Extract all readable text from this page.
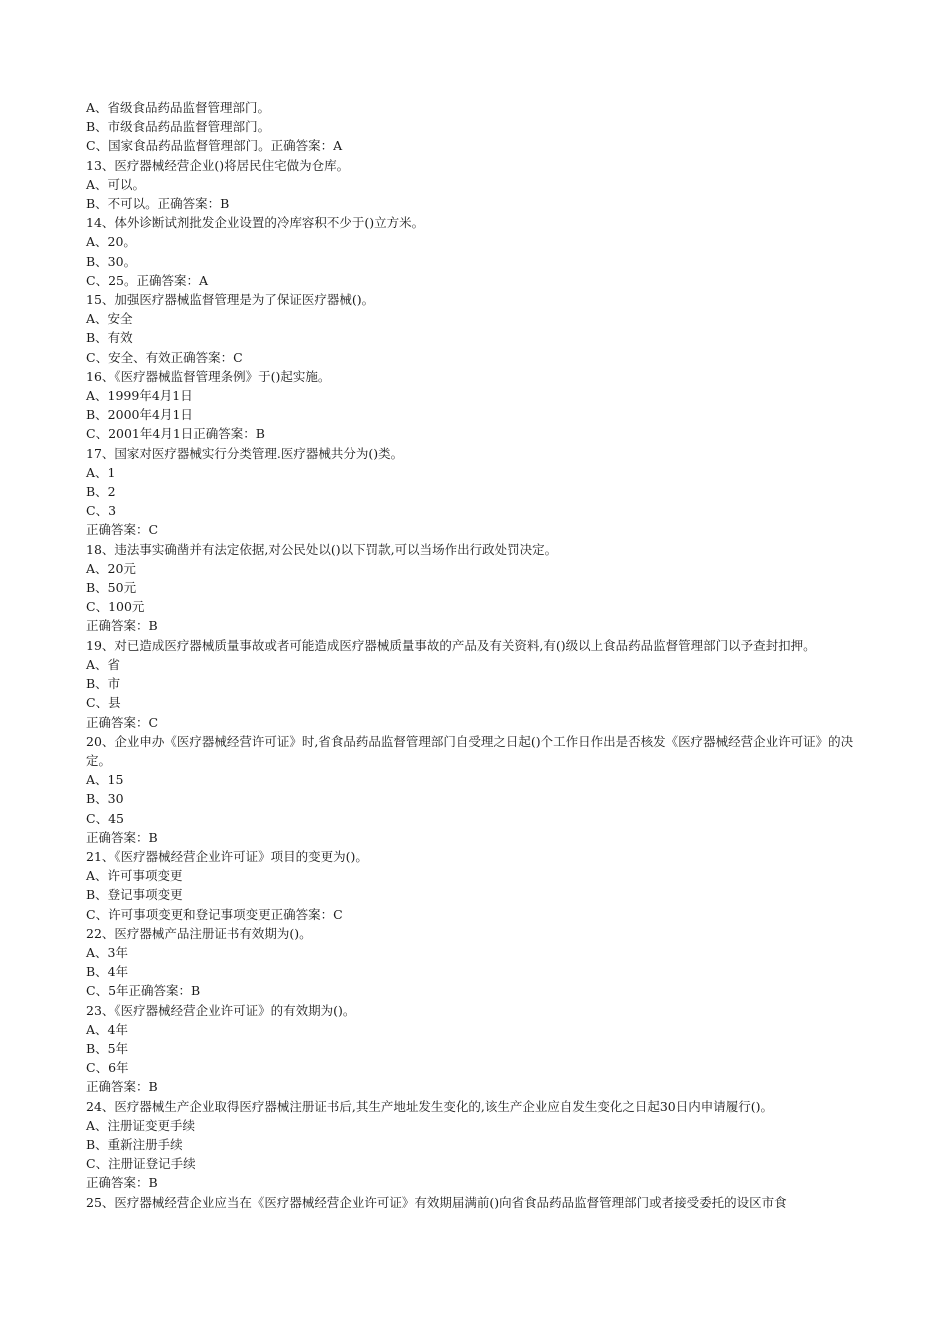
A、省级食品药品监督管理部门。
B、市级食品药品监督管理部门。
C、国家食品药品监督管理部门。正确答案：A
13、医疗器械经营企业()将居民住宅做为仓库。
A、可以。
B、不可以。正确答案：B
14、体外诊断试剂批发企业设置的冷库容积不少于()立方米。
A、20。
B、30。
C、25。正确答案：A
15、加强医疗器械监督管理是为了保证医疗器械()。
A、安全
B、有效
C、安全、有效正确答案：C
16、《医疗器械监督管理条例》于()起实施。
A、1999年4月1日
B、2000年4月1日
C、2001年4月1日正确答案：B
17、国家对医疗器械实行分类管理.医疗器械共分为()类。
A、1
B、2
C、3
正确答案：C
18、违法事实确凿并有法定依据,对公民处以()以下罚款,可以当场作出行政处罚决定。
A、20元
B、50元
C、100元
正确答案：B
19、对已造成医疗器械质量事故或者可能造成医疗器械质量事故的产品及有关资料,有()级以上食品药品监督管理部门以予查封扣押。
A、省
B、市
C、县
正确答案：C
20、企业申办《医疗器械经营许可证》时,省食品药品监督管理部门自受理之日起()个工作日作出是否核发《医疗器械经营企业许可证》的决定。
A、15
B、30
C、45
正确答案：B
21、《医疗器械经营企业许可证》项目的变更为()。
A、许可事项变更
B、登记事项变更
C、许可事项变更和登记事项变更正确答案：C
22、医疗器械产品注册证书有效期为()。
A、3年
B、4年
C、5年正确答案：B
23、《医疗器械经营企业许可证》的有效期为()。
A、4年
B、5年
C、6年
正确答案：B
24、医疗器械生产企业取得医疗器械注册证书后,其生产地址发生变化的,该生产企业应自发生变化之日起30日内申请履行()。
A、注册证变更手续
B、重新注册手续
C、注册证登记手续
正确答案：B
25、医疗器械经营企业应当在《医疗器械经营企业许可证》有效期届满前()向省食品药品监督管理部门或者接受委托的设区市食
